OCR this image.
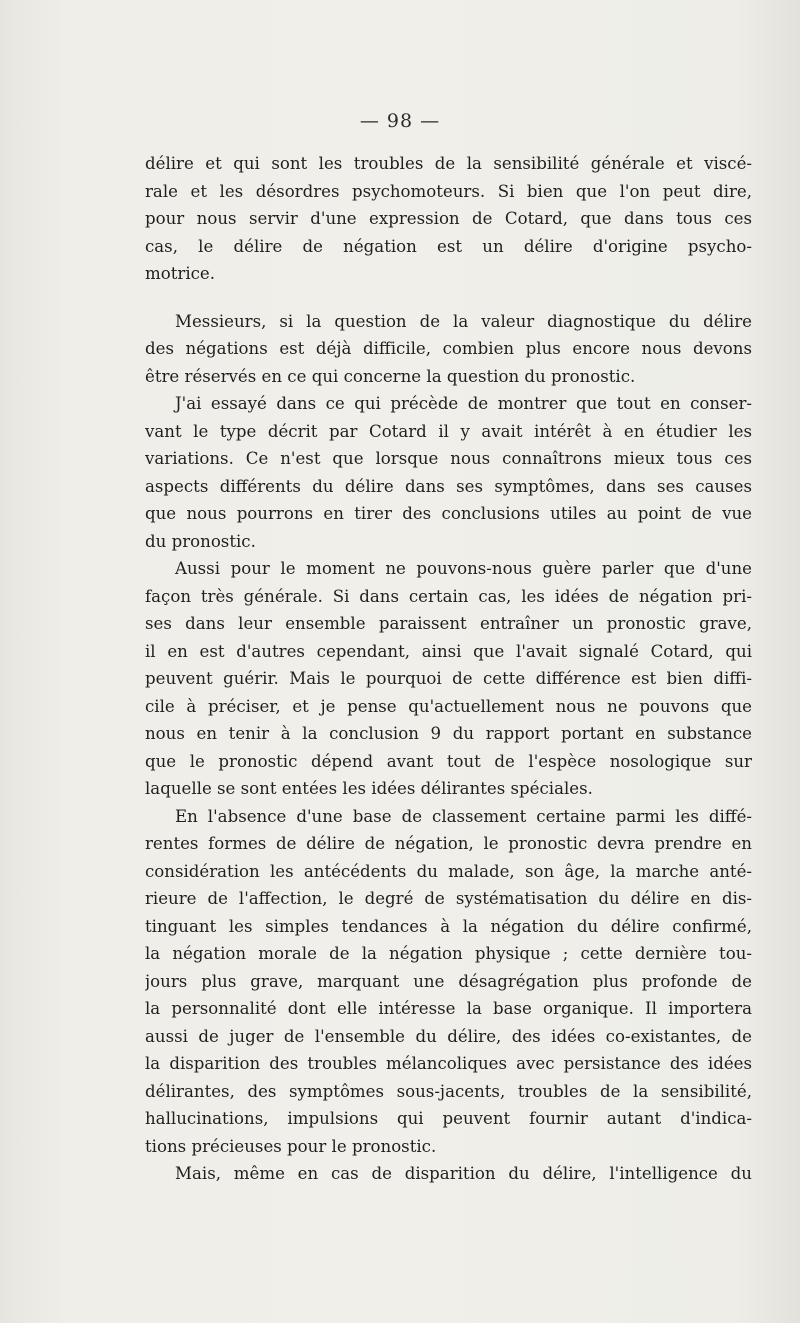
— 98 —
délire et qui sont les troubles de la sensibilité générale et viscé-
rale et les désordres psychomoteurs. Si bien que l'on peut dire,
pour nous servir d'une expression de Cotard, que dans tous ces
cas, le délire de négation est un délire d'origine psycho-
motrice.
Messieurs, si la question de la valeur diagnostique du délire
des négations est déjà difficile, combien plus encore nous devons
être réservés en ce qui concerne la question du pronostic.
J'ai essayé dans ce qui précède de montrer que tout en conser-
vant le type décrit par Cotard il y avait intérêt à en étudier les
variations. Ce n'est que lorsque nous connaîtrons mieux tous ces
aspects différents du délire dans ses symptômes, dans ses causes
que nous pourrons en tirer des conclusions utiles au point de vue
du pronostic.
Aussi pour le moment ne pouvons-nous guère parler que d'une
façon très générale. Si dans certain cas, les idées de négation pri-
ses dans leur ensemble paraissent entraîner un pronostic grave,
il en est d'autres cependant, ainsi que l'avait signalé Cotard, qui
peuvent guérir. Mais le pourquoi de cette différence est bien diffi-
cile à préciser, et je pense qu'actuellement nous ne pouvons que
nous en tenir à la conclusion 9 du rapport portant en substance
que le pronostic dépend avant tout de l'espèce nosologique sur
laquelle se sont entées les idées délirantes spéciales.
En l'absence d'une base de classement certaine parmi les diffé-
rentes formes de délire de négation, le pronostic devra prendre en
considération les antécédents du malade, son âge, la marche anté-
rieure de l'affection, le degré de systématisation du délire en dis-
tinguant les simples tendances à la négation du délire confirmé,
la négation morale de la négation physique ; cette dernière tou-
jours plus grave, marquant une désagrégation plus profonde de
la personnalité dont elle intéresse la base organique. Il importera
aussi de juger de l'ensemble du délire, des idées co-existantes, de
la disparition des troubles mélancoliques avec persistance des idées
délirantes, des symptômes sous-jacents, troubles de la sensibilité,
hallucinations, impulsions qui peuvent fournir autant d'indica-
tions précieuses pour le pronostic.
Mais, même en cas de disparition du délire, l'intelligence du
